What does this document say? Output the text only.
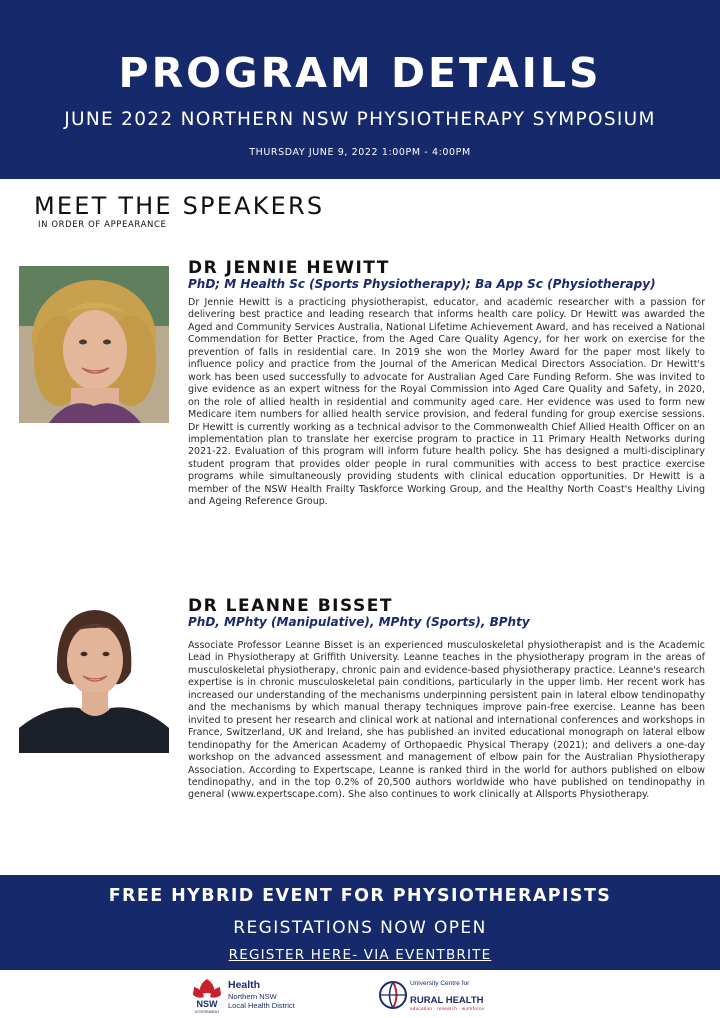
PROGRAM DETAILS
JUNE 2022 NORTHERN NSW PHYSIOTHERAPY SYMPOSIUM
THURSDAY JUNE 9, 2022 1:00PM - 4:00PM
MEET THE SPEAKERS
IN ORDER OF APPEARANCE
DR JENNIE HEWITT
PhD; M Health Sc (Sports Physiotherapy); Ba App Sc (Physiotherapy)
Dr Jennie Hewitt is a practicing physiotherapist, educator, and academic researcher with a passion for delivering best practice and leading research that informs health care policy. Dr Hewitt was awarded the Aged and Community Services Australia, National Lifetime Achievement Award, and has received a National Commendation for Better Practice, from the Aged Care Quality Agency, for her work on exercise for the prevention of falls in residential care. In 2019 she won the Morley Award for the paper most likely to influence policy and practice from the Journal of the American Medical Directors Association. Dr Hewitt's work has been used successfully to advocate for Australian Aged Care Funding Reform. She was invited to give evidence as an expert witness for the Royal Commission into Aged Care Quality and Safety, in 2020, on the role of allied health in residential and community aged care. Her evidence was used to form new Medicare item numbers for allied health service provision, and federal funding for group exercise sessions. Dr Hewitt is currently working as a technical advisor to the Commonwealth Chief Allied Health Officer on an implementation plan to translate her exercise program to practice in 11 Primary Health Networks during 2021-22. Evaluation of this program will inform future health policy. She has designed a multi-disciplinary student program that provides older people in rural communities with access to best practice exercise programs while simultaneously providing students with clinical education opportunities. Dr Hewitt is a member of the NSW Health Frailty Taskforce Working Group, and the Healthy North Coast's Healthy Living and Ageing Reference Group.
DR LEANNE BISSET
PhD, MPhty (Manipulative), MPhty (Sports), BPhty
Associate Professor Leanne Bisset is an experienced musculoskeletal physiotherapist and is the Academic Lead in Physiotherapy at Griffith University. Leanne teaches in the physiotherapy program in the areas of musculoskeletal physiotherapy, chronic pain and evidence-based physiotherapy practice. Leanne's research expertise is in chronic musculoskeletal pain conditions, particularly in the upper limb. Her recent work has increased our understanding of the mechanisms underpinning persistent pain in lateral elbow tendinopathy and the mechanisms by which manual therapy techniques improve pain-free exercise. Leanne has been invited to present her research and clinical work at national and international conferences and workshops in France, Switzerland, UK and Ireland, she has published an invited educational monograph on lateral elbow tendinopathy for the American Academy of Orthopaedic Physical Therapy (2021); and delivers a one-day workshop on the advanced assessment and management of elbow pain for the Australian Physiotherapy Association. According to Expertscape, Leanne is ranked third in the world for authors published on elbow tendinopathy, and in the top 0.2% of 20,500 authors worldwide who have published on tendinopathy in general (www.expertscape.com). She also continues to work clinically at Allsports Physiotherapy.
FREE HYBRID EVENT FOR PHYSIOTHERAPISTS
REGISTATIONS NOW OPEN
REGISTER HERE- VIA EVENTBRITE
NSW
GOVERNMENT
Health
Northern NSW
Local Health District
University Centre for
RURAL HEALTH
education · research · workforce
